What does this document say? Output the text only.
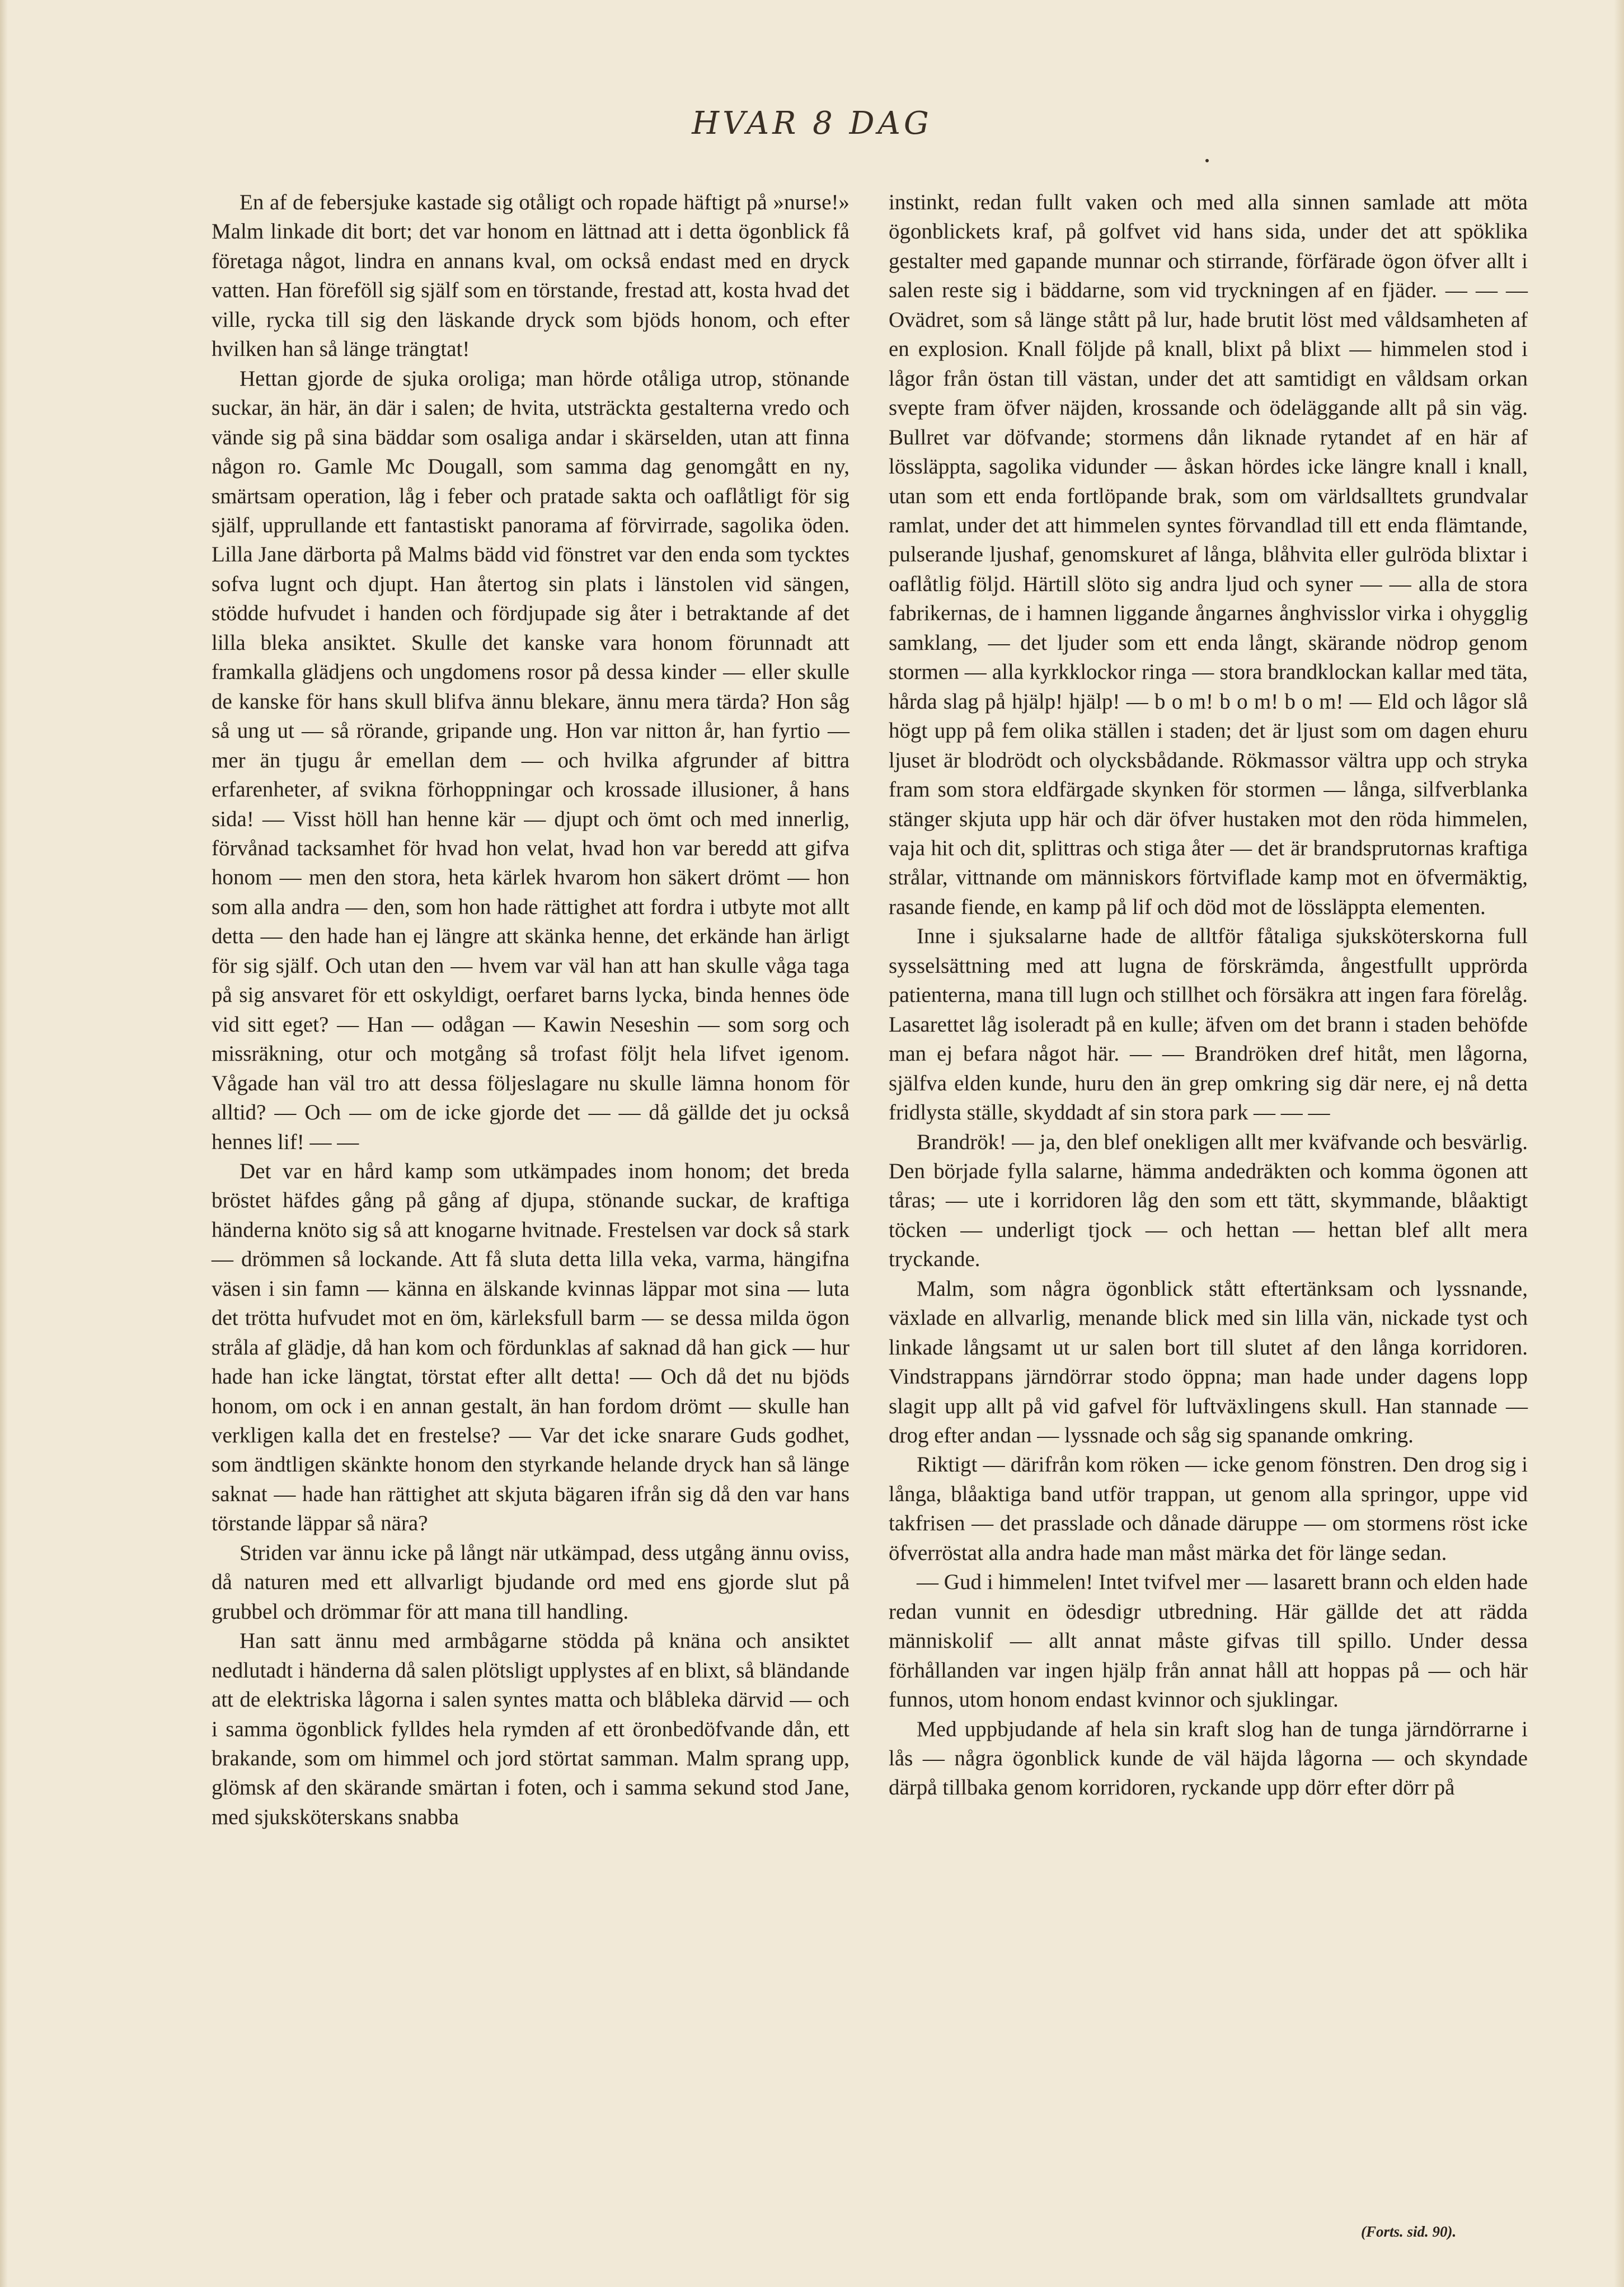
HVAR 8 DAG

En af de febersjuke kastade sig otåligt och ropade häftigt på »nurse!» Malm linkade dit bort; det var honom en lättnad att i detta ögonblick få företaga något, lindra en annans kval, om också endast med en dryck vatten. Han föreföll sig själf som en törstande, frestad att, kosta hvad det ville, rycka till sig den läskande dryck som bjöds honom, och efter hvilken han så länge trängtat!

Hettan gjorde de sjuka oroliga; man hörde otåliga utrop, stönande suckar, än här, än där i salen; de hvita, utsträckta gestalterna vredo och vände sig på sina bäddar som osaliga andar i skärselden, utan att finna någon ro. Gamle Mc Dougall, som samma dag genomgått en ny, smärtsam operation, låg i feber och pratade sakta och oaflåtligt för sig själf, upprullande ett fantastiskt panorama af förvirrade, sagolika öden. Lilla Jane därborta på Malms bädd vid fönstret var den enda som tycktes sofva lugnt och djupt. Han återtog sin plats i länstolen vid sängen, stödde hufvudet i handen och fördjupade sig åter i betraktande af det lilla bleka ansiktet. Skulle det kanske vara honom förunnadt att framkalla glädjens och ungdomens rosor på dessa kinder — eller skulle de kanske för hans skull blifva ännu blekare, ännu mera tärda? Hon såg så ung ut — så rörande, gripande ung. Hon var nitton år, han fyrtio — mer än tjugu år emellan dem — och hvilka afgrunder af bittra erfarenheter, af svikna förhoppningar och krossade illusioner, å hans sida! — Visst höll han henne kär — djupt och ömt och med innerlig, förvånad tacksamhet för hvad hon velat, hvad hon var beredd att gifva honom — men den stora, heta kärlek hvarom hon säkert drömt — hon som alla andra — den, som hon hade rättighet att fordra i utbyte mot allt detta — den hade han ej längre att skänka henne, det erkände han ärligt för sig själf. Och utan den — hvem var väl han att han skulle våga taga på sig ansvaret för ett oskyldigt, oerfaret barns lycka, binda hennes öde vid sitt eget? — Han — odågan — Kawin Neseshin — som sorg och missräkning, otur och motgång så trofast följt hela lifvet igenom. Vågade han väl tro att dessa följeslagare nu skulle lämna honom för alltid? — Och — om de icke gjorde det — — då gällde det ju också hennes lif! — —

Det var en hård kamp som utkämpades inom honom; det breda bröstet häfdes gång på gång af djupa, stönande suckar, de kraftiga händerna knöto sig så att knogarne hvitnade. Frestelsen var dock så stark — drömmen så lockande. Att få sluta detta lilla veka, varma, hängifna väsen i sin famn — känna en älskande kvinnas läppar mot sina — luta det trötta hufvudet mot en öm, kärleksfull barm — se dessa milda ögon stråla af glädje, då han kom och fördunklas af saknad då han gick — hur hade han icke längtat, törstat efter allt detta! — Och då det nu bjöds honom, om ock i en annan gestalt, än han fordom drömt — skulle han verkligen kalla det en frestelse? — Var det icke snarare Guds godhet, som ändtligen skänkte honom den styrkande helande dryck han så länge saknat — hade han rättighet att skjuta bägaren ifrån sig då den var hans törstande läppar så nära?

Striden var ännu icke på långt när utkämpad, dess utgång ännu oviss, då naturen med ett allvarligt bjudande ord med ens gjorde slut på grubbel och drömmar för att mana till handling.

Han satt ännu med armbågarne stödda på knäna och ansiktet nedlutadt i händerna då salen plötsligt upplystes af en blixt, så bländande att de elektriska lågorna i salen syntes matta och blåbleka därvid — och i samma ögonblick fylldes hela rymden af ett öronbedöfvande dån, ett brakande, som om himmel och jord störtat samman. Malm sprang upp, glömsk af den skärande smärtan i foten, och i samma sekund stod Jane, med sjuksköterskans snabba

instinkt, redan fullt vaken och med alla sinnen samlade att möta ögonblickets kraf, på golfvet vid hans sida, under det att spöklika gestalter med gapande munnar och stirrande, förfärade ögon öfver allt i salen reste sig i bäddarne, som vid tryckningen af en fjäder. — — — Ovädret, som så länge stått på lur, hade brutit löst med våldsamheten af en explosion. Knall följde på knall, blixt på blixt — himmelen stod i lågor från östan till västan, under det att samtidigt en våldsam orkan svepte fram öfver näjden, krossande och ödeläggande allt på sin väg. Bullret var döfvande; stormens dån liknade rytandet af en här af lössläppta, sagolika vidunder — åskan hördes icke längre knall i knall, utan som ett enda fortlöpande brak, som om världsalltets grundvalar ramlat, under det att himmelen syntes förvandlad till ett enda flämtande, pulserande ljushaf, genomskuret af långa, blåhvita eller gulröda blixtar i oaflåtlig följd. Härtill slöto sig andra ljud och syner — — alla de stora fabrikernas, de i hamnen liggande ångarnes ånghvisslor virka i ohygglig samklang, — det ljuder som ett enda långt, skärande nödrop genom stormen — alla kyrkklockor ringa — stora brandklockan kallar med täta, hårda slag på hjälp! hjälp! — b o m! b o m! b o m! — Eld och lågor slå högt upp på fem olika ställen i staden; det är ljust som om dagen ehuru ljuset är blodrödt och olycksbådande. Rökmassor vältra upp och stryka fram som stora eldfärgade skynken för stormen — långa, silfverblanka stänger skjuta upp här och där öfver hustaken mot den röda himmelen, vaja hit och dit, splittras och stiga åter — det är brandsprutornas kraftiga strålar, vittnande om människors förtviflade kamp mot en öfvermäktig, rasande fiende, en kamp på lif och död mot de lössläppta elementen.

Inne i sjuksalarne hade de alltför fåtaliga sjuksköterskorna full sysselsättning med att lugna de förskrämda, ångestfullt upprörda patienterna, mana till lugn och stillhet och försäkra att ingen fara förelåg. Lasarettet låg isoleradt på en kulle; äfven om det brann i staden behöfde man ej befara något här. — — Brandröken dref hitåt, men lågorna, själfva elden kunde, huru den än grep omkring sig där nere, ej nå detta fridlysta ställe, skyddadt af sin stora park — — —

Brandrök! — ja, den blef onekligen allt mer kväfvande och besvärlig. Den började fylla salarne, hämma andedräkten och komma ögonen att tåras; — ute i korridoren låg den som ett tätt, skymmande, blåaktigt töcken — underligt tjock — och hettan — hettan blef allt mera tryckande.

Malm, som några ögonblick stått eftertänksam och lyssnande, växlade en allvarlig, menande blick med sin lilla vän, nickade tyst och linkade långsamt ut ur salen bort till slutet af den långa korridoren. Vindstrappans järndörrar stodo öppna; man hade under dagens lopp slagit upp allt på vid gafvel för luftväxlingens skull. Han stannade — drog efter andan — lyssnade och såg sig spanande omkring.

Riktigt — därifrån kom röken — icke genom fönstren. Den drog sig i långa, blåaktiga band utför trappan, ut genom alla springor, uppe vid takfrisen — det prasslade och dånade däruppe — om stormens röst icke öfverröstat alla andra hade man måst märka det för länge sedan.

— Gud i himmelen! Intet tvifvel mer — lasarett brann och elden hade redan vunnit en ödesdigr utbredning. Här gällde det att rädda människolif — allt annat måste gifvas till spillo. Under dessa förhållanden var ingen hjälp från annat håll att hoppas på — och här funnos, utom honom endast kvinnor och sjuklingar.

Med uppbjudande af hela sin kraft slog han de tunga järndörrarne i lås — några ögonblick kunde de väl häjda lågorna — och skyndade därpå tillbaka genom korridoren, ryckande upp dörr efter dörr på

(Forts. sid. 90).
